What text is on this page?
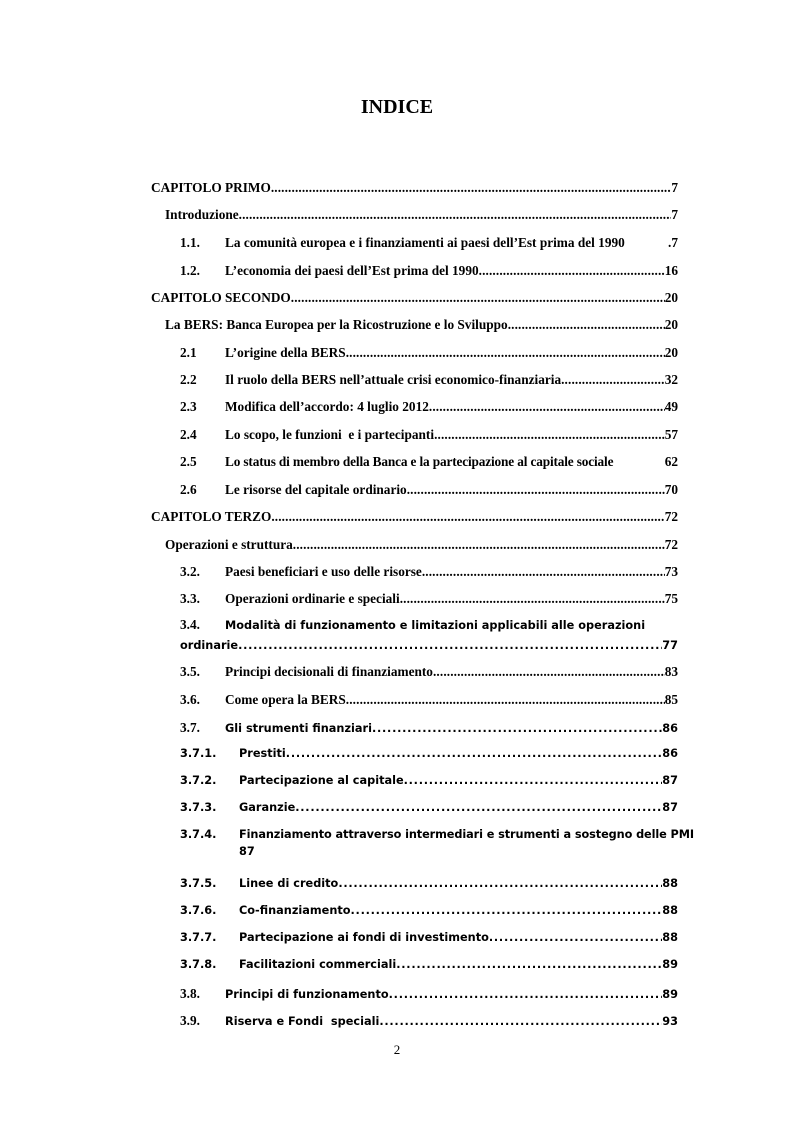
INDICE
CAPITOLO PRIMO . . .	7
Introduzione . . .	7
1.1.	La comunità europea e i finanziamenti ai paesi dell’Est prima del 1990	.7
1.2.	L’economia dei paesi dell’Est prima del 1990 . . .	16
CAPITOLO SECONDO . . .	20
La BERS: Banca Europea per la Ricostruzione e lo Sviluppo . . .	20
2.1	L’origine della BERS . . .	20
2.2	Il ruolo della BERS nell’attuale crisi economico-finanziaria . . .	32
2.3	Modifica dell’accordo: 4 luglio 2012 . . .	49
2.4	Lo scopo, le funzioni  e i partecipanti . . .	57
2.5	Lo status di membro della Banca e la partecipazione al capitale sociale	62
2.6	Le risorse del capitale ordinario . . .	70
CAPITOLO TERZO . . .	72
Operazioni e struttura . . .	72
3.2.	Paesi beneficiari e uso delle risorse . . .	73
3.3.	Operazioni ordinarie e speciali . . .	75
3.4.	Modalità di funzionamento e limitazioni applicabili alle operazioni
ordinarie . . .	77
3.5.	Principi decisionali di finanziamento . . .	83
3.6.	Come opera la BERS . . .	85
3.7.	Gli strumenti finanziari . . .	86
3.7.1.	Prestiti . . .	86
3.7.2.	Partecipazione al capitale . . .	87
3.7.3.	Garanzie . . .	87
3.7.4.	Finanziamento attraverso intermediari e strumenti a sostegno delle PMI
87
3.7.5.	Linee di credito . . .	88
3.7.6.	Co-finanziamento . . .	88
3.7.7.	Partecipazione ai fondi di investimento . . .	88
3.7.8.	Facilitazioni commerciali . . .	89
3.8.	Principi di funzionamento . . .	89
3.9.	Riserva e Fondi  speciali . . .	93
2
